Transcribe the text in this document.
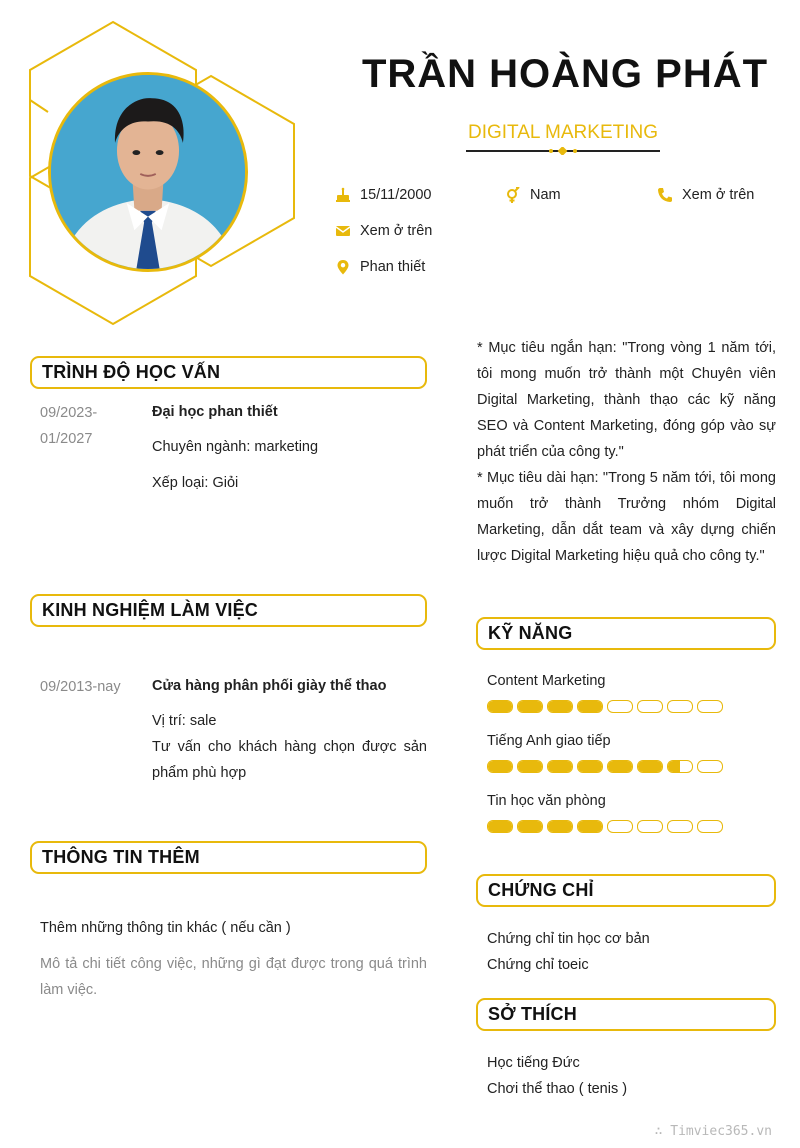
TRẦN HOÀNG PHÁT
DIGITAL MARKETING
15/11/2000	Nam	Xem ở trên
Xem ở trên
Phan thiết
* Mục tiêu ngắn hạn: "Trong vòng 1 năm tới, tôi mong muốn trở thành một Chuyên viên Digital Marketing, thành thạo các kỹ năng SEO và Content Marketing, đóng góp vào sự phát triển của công ty."
* Mục tiêu dài hạn: "Trong 5 năm tới, tôi mong muốn trở thành Trưởng nhóm Digital Marketing, dẫn dắt team và xây dựng chiến lược Digital Marketing hiệu quả cho công ty."
TRÌNH ĐỘ HỌC VẤN
09/2023-
01/2027
Đại học phan thiết
Chuyên ngành: marketing
Xếp loại: Giỏi
KINH NGHIỆM LÀM VIỆC
09/2013-nay	Cửa hàng phân phối giày thể thao
Vị trí: sale
Tư vấn cho khách hàng chọn được sản phẩm phù hợp
THÔNG TIN THÊM
Thêm những thông tin khác ( nếu cần )
Mô tả chi tiết công việc, những gì đạt được trong quá trình làm việc.
KỸ NĂNG
Content Marketing
Tiếng Anh giao tiếp
Tin học văn phòng
CHỨNG CHỈ
Chứng chỉ tin học cơ bản
Chứng chỉ toeic
SỞ THÍCH
Học tiếng Đức
Chơi thể thao ( tenis )
∴ Timviec365.vn
